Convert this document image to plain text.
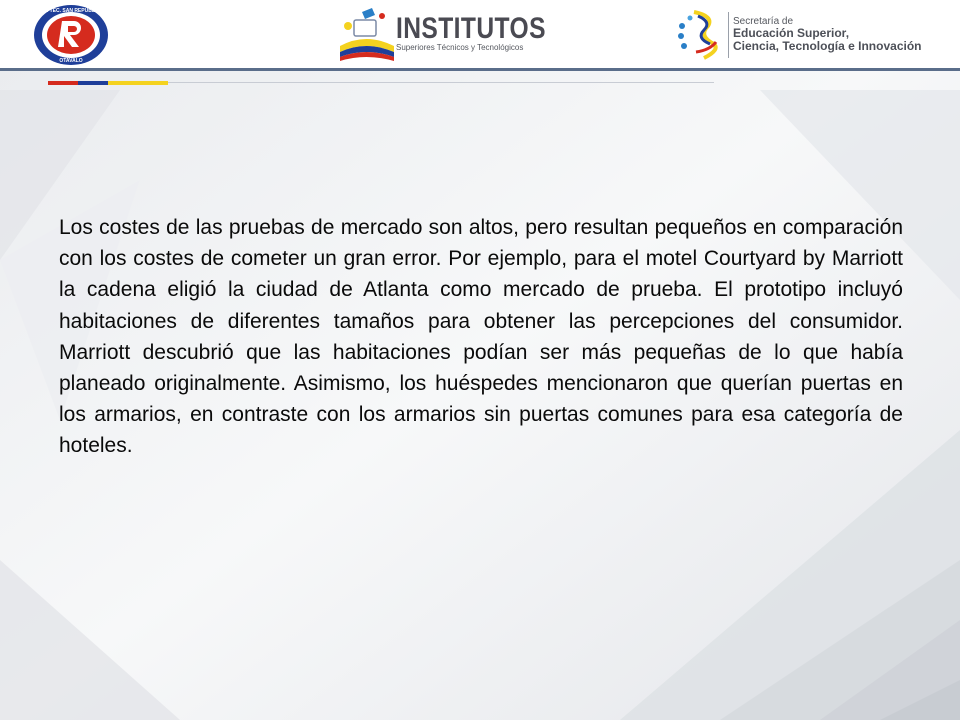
U.E. TEC. SAN REPÚBLICA
OTAVALO
INSTITUTOS
Superiores Técnicos y Tecnológicos
Secretaría de
Educación Superior,
Ciencia, Tecnología e Innovación

Los costes de las pruebas de mercado son altos, pero resultan pequeños en comparación con los costes de cometer un gran error. Por ejemplo, para el motel Courtyard by Marriott la cadena eligió la ciudad de Atlanta como mercado de prueba. El prototipo incluyó habitaciones de diferentes tamaños para obtener las percepciones del consumidor. Marriott descubrió que las habitaciones podían ser más pequeñas de lo que había planeado originalmente. Asimismo, los huéspedes mencionaron que querían puertas en los armarios, en contraste con los armarios sin puertas comunes para esa categoría de hoteles.
